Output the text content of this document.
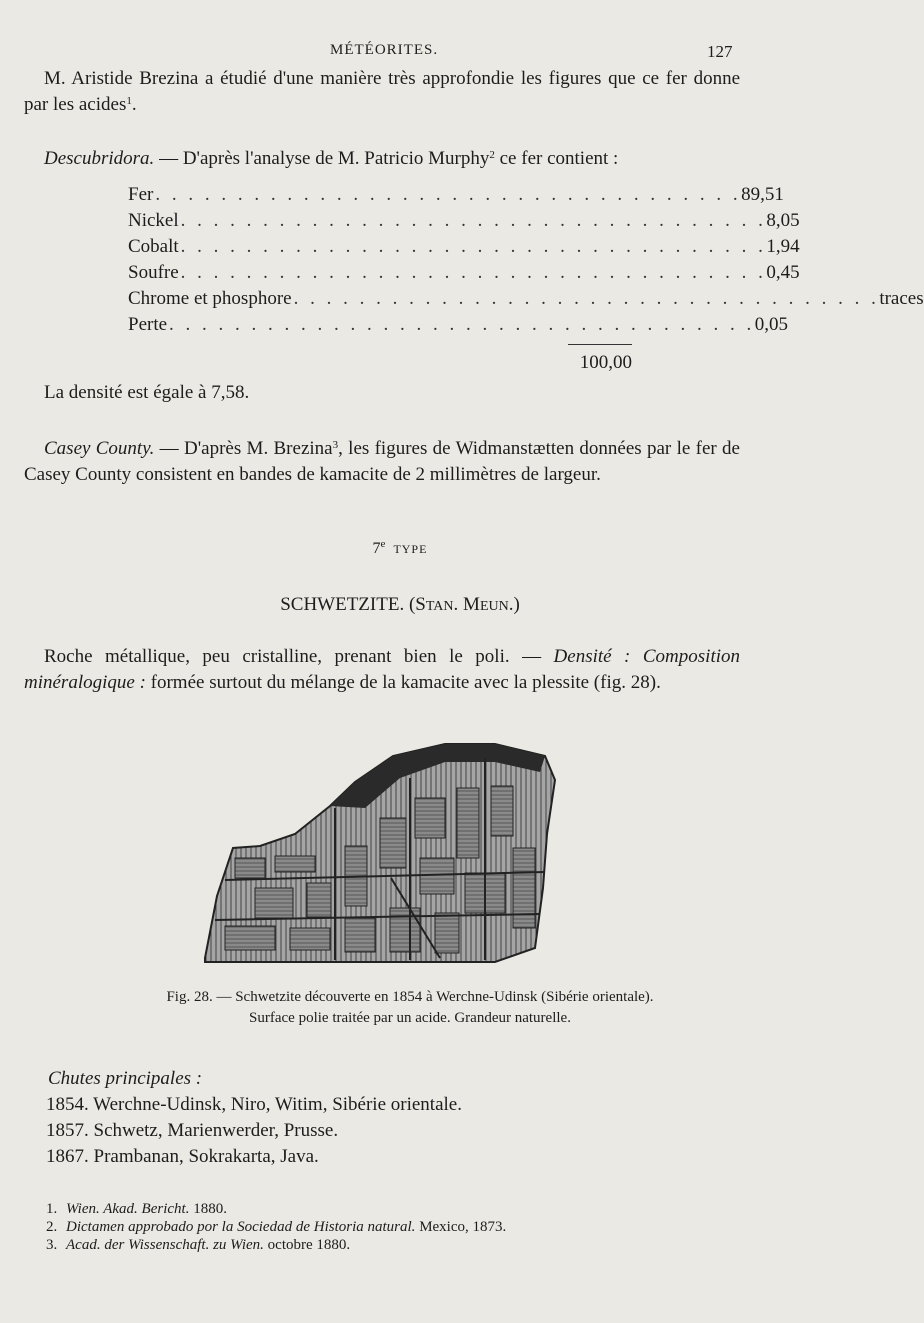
MÉTÉORITES.	127
M. Aristide Brezina a étudié d'une manière très approfondie les figures que ce fer donne par les acides$^1$.
Descubridora. — D'après l'analyse de M. Patricio Murphy$^2$ ce fer contient :
Fer . . . . . . . . . . . . . . . . . . . . . . . . . . . . . . . . . . . . 89,51
Nickel . . . . . . . . . . . . . . . . . . . . . . . . . . . . . . . . . . . . 8,05
Cobalt . . . . . . . . . . . . . . . . . . . . . . . . . . . . . . . . . . . . 1,94
Soufre . . . . . . . . . . . . . . . . . . . . . . . . . . . . . . . . . . . . 0,45
Chrome et phosphore . . . . . . . . . . . . . . . . . . . . . . . . . . . . . . . . . . . . traces
Perte . . . . . . . . . . . . . . . . . . . . . . . . . . . . . . . . . . . . 0,05
100,00
La densité est égale à 7,58.
Casey County. — D'après M. Brezina$^3$, les figures de Widmanstætten données par le fer de Casey County consistent en bandes de kamacite de 2 millimètres de largeur.
7e TYPE
SCHWETZITE. (STAN. MEUN.)
Roche métallique, peu cristalline, prenant bien le poli. — Densité : Composition minéralogique : formée surtout du mélange de la kamacite avec la plessite (fig. 28).
Fig. 28. — Schwetzite découverte en 1854 à Werchne-Udinsk (Sibérie orientale).
Surface polie traitée par un acide. Grandeur naturelle.
Chutes principales :
1854. Werchne-Udinsk, Niro, Witim, Sibérie orientale.
1857. Schwetz, Marienwerder, Prusse.
1867. Prambanan, Sokrakarta, Java.
1. Wien. Akad. Bericht. 1880.
2. Dictamen approbado por la Sociedad de Historia natural. Mexico, 1873.
3. Acad. der Wissenschaft. zu Wien. octobre 1880.
